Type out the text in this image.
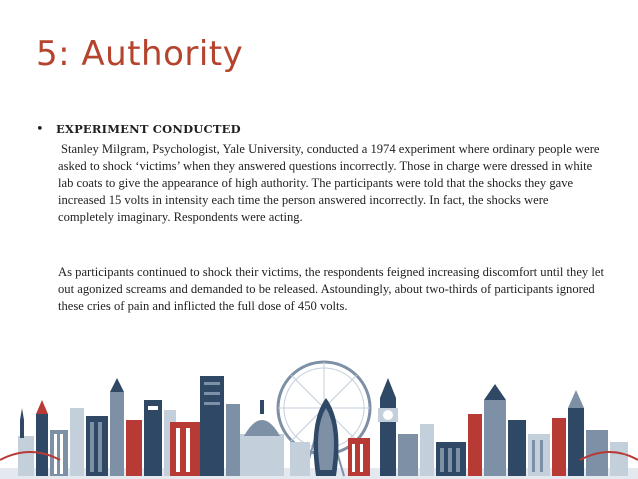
5: Authority
•	EXPERIMENT CONDUCTED

Stanley Milgram, Psychologist, Yale University, conducted a 1974 experiment where ordinary people were asked to shock ‘victims’ when they answered questions incorrectly. Those in charge were dressed in white lab coats to give the appearance of high authority. The participants were told that the shocks they gave increased 15 volts in intensity each time the person answered incorrectly. In fact, the shocks were completely imaginary. Respondents were acting.

As participants continued to shock their victims, the respondents feigned increasing discomfort until they let out agonized screams and demanded to be released. Astoundingly, about two-thirds of participants ignored these cries of pain and inflicted the full dose of 450 volts.
